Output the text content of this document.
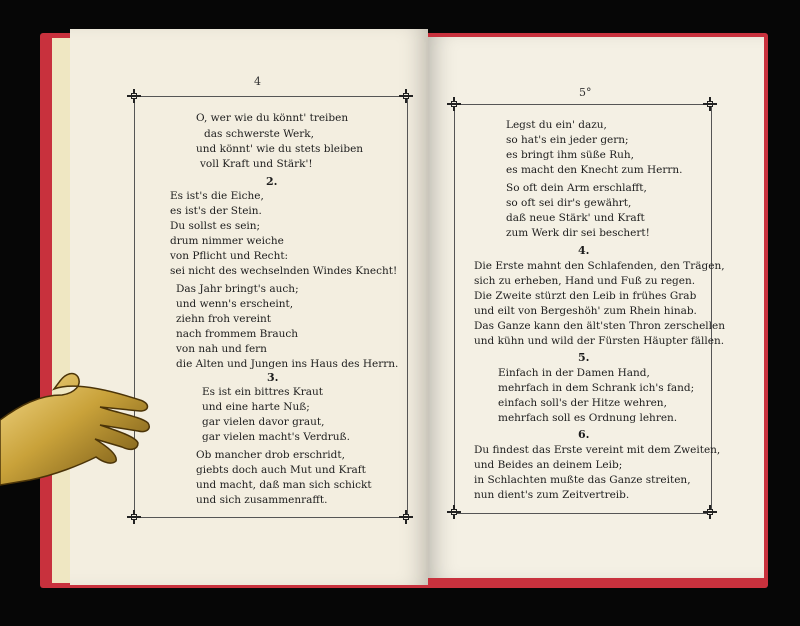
4
O, wer wie du könnt' treiben
das schwerste Werk,
und könnt' wie du stets bleiben
voll Kraft und Stärk'!
2.
Es ist's die Eiche,
es ist's der Stein.
Du sollst es sein;
drum nimmer weiche
von Pflicht und Recht:
sei nicht des wechselnden Windes Knecht!
Das Jahr bringt's auch;
und wenn's erscheint,
ziehn froh vereint
nach frommem Brauch
von nah und fern
die Alten und Jungen ins Haus des Herrn.
3.
Es ist ein bittres Kraut
und eine harte Nuß;
gar vielen davor graut,
gar vielen macht's Verdruß.
Ob mancher drob erschridt,
giebts doch auch Mut und Kraft
und macht, daß man sich schickt
und sich zusammenrafft.
5°
Legst du ein' dazu,
so hat's ein jeder gern;
es bringt ihm süße Ruh,
es macht den Knecht zum Herrn.
So oft dein Arm erschlafft,
so oft sei dir's gewährt,
daß neue Stärk' und Kraft
zum Werk dir sei beschert!
4.
Die Erste mahnt den Schlafenden, den Trägen,
sich zu erheben, Hand und Fuß zu regen.
Die Zweite stürzt den Leib in frühes Grab
und eilt von Bergeshöh' zum Rhein hinab.
Das Ganze kann den ält'sten Thron zerschellen
und kühn und wild der Fürsten Häupter fällen.
5.
Einfach in der Damen Hand,
mehrfach in dem Schrank ich's fand;
einfach soll's der Hitze wehren,
mehrfach soll es Ordnung lehren.
6.
Du findest das Erste vereint mit dem Zweiten,
und Beides an deinem Leib;
in Schlachten mußte das Ganze streiten,
nun dient's zum Zeitvertreib.
